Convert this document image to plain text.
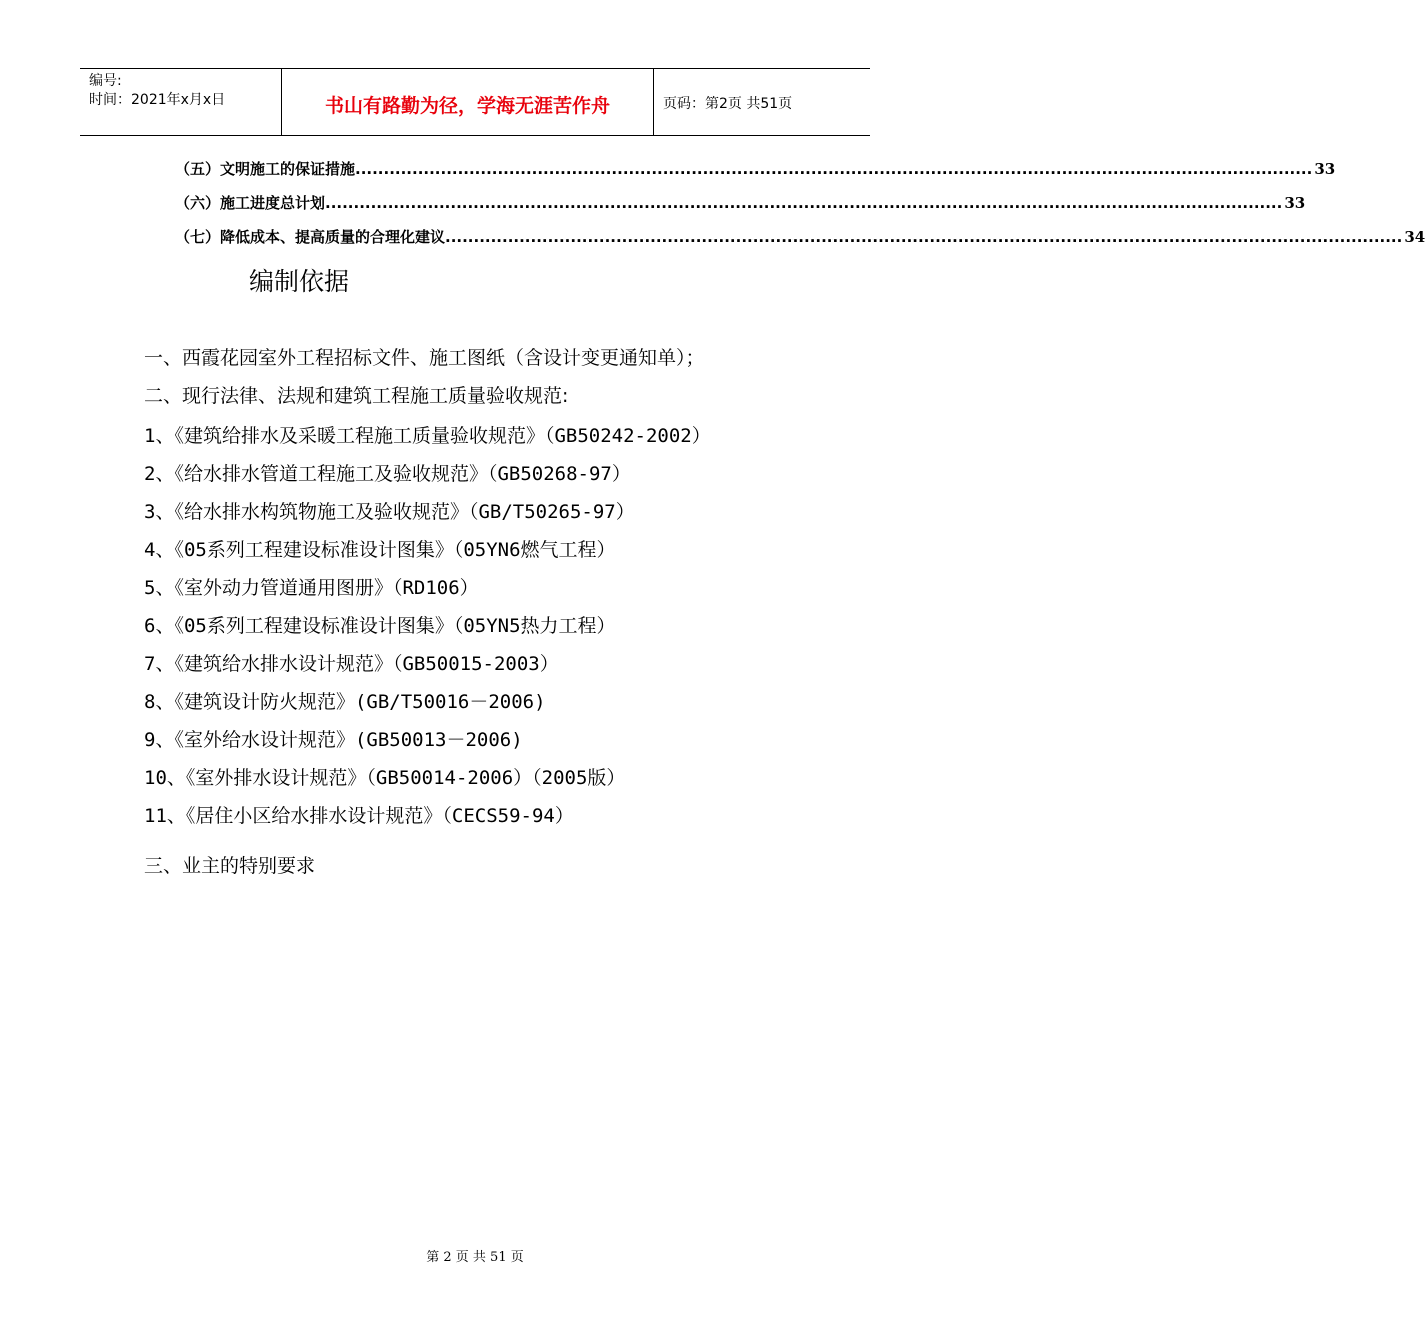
编号:
时间：2021年x月x日	书山有路勤为径，学海无涯苦作舟	页码：第2页 共51页
（五）文明施工的保证措施 ........................................................................................................................................................................ 33
（六）施工进度总计划 ........................................................................................................................................................................ 33
（七）降低成本、提高质量的合理化建议 ........................................................................................................................................................................ 34
编制依据
一、西霞花园室外工程招标文件、施工图纸（含设计变更通知单）；
二、现行法律、法规和建筑工程施工质量验收规范:
1、《建筑给排水及采暖工程施工质量验收规范》（GB50242-2002）
2、《给水排水管道工程施工及验收规范》（GB50268-97）
3、《给水排水构筑物施工及验收规范》（GB/T50265-97）
4、《05系列工程建设标准设计图集》（05YN6燃气工程）
5、《室外动力管道通用图册》（RD106）
6、《05系列工程建设标准设计图集》（05YN5热力工程）
7、《建筑给水排水设计规范》（GB50015-2003）
8、《建筑设计防火规范》(GB/T50016－2006)
9、《室外给水设计规范》(GB50013－2006)
10、《室外排水设计规范》（GB50014-2006）（2005版）
11、《居住小区给水排水设计规范》（CECS59-94）
三、业主的特别要求
第 2 页 共 51 页
